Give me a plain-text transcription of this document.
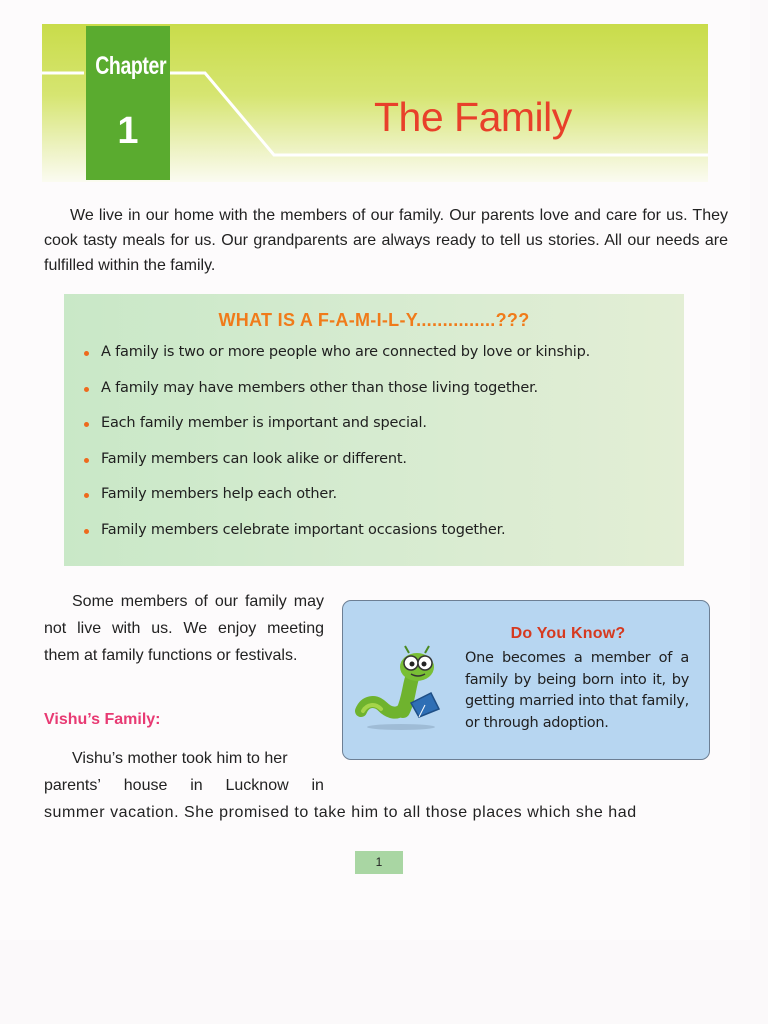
Chapter
1	The Family

We live in our home with the members of our family. Our parents love and care for us. They cook tasty meals for us. Our grandparents are always ready to tell us stories. All our needs are fulfilled within the family.

WHAT IS A F-A-M-I-L-Y...............???
A family is two or more people who are connected by love or kinship.
A family may have members other than those living together.
Each family member is important and special.
Family members can look alike or different.
Family members help each other.
Family members celebrate important occasions together.

Some members of our family may not live with us. We enjoy meeting them at family functions or festivals.

Vishu’s Family:
Vishu’s mother took him to her
parents’ house in Lucknow in
summer vacation. She promised to take him to all those places which she had
Do You Know?
One becomes a member of a family by being born into it, by getting married into that family, or through adoption.
1
